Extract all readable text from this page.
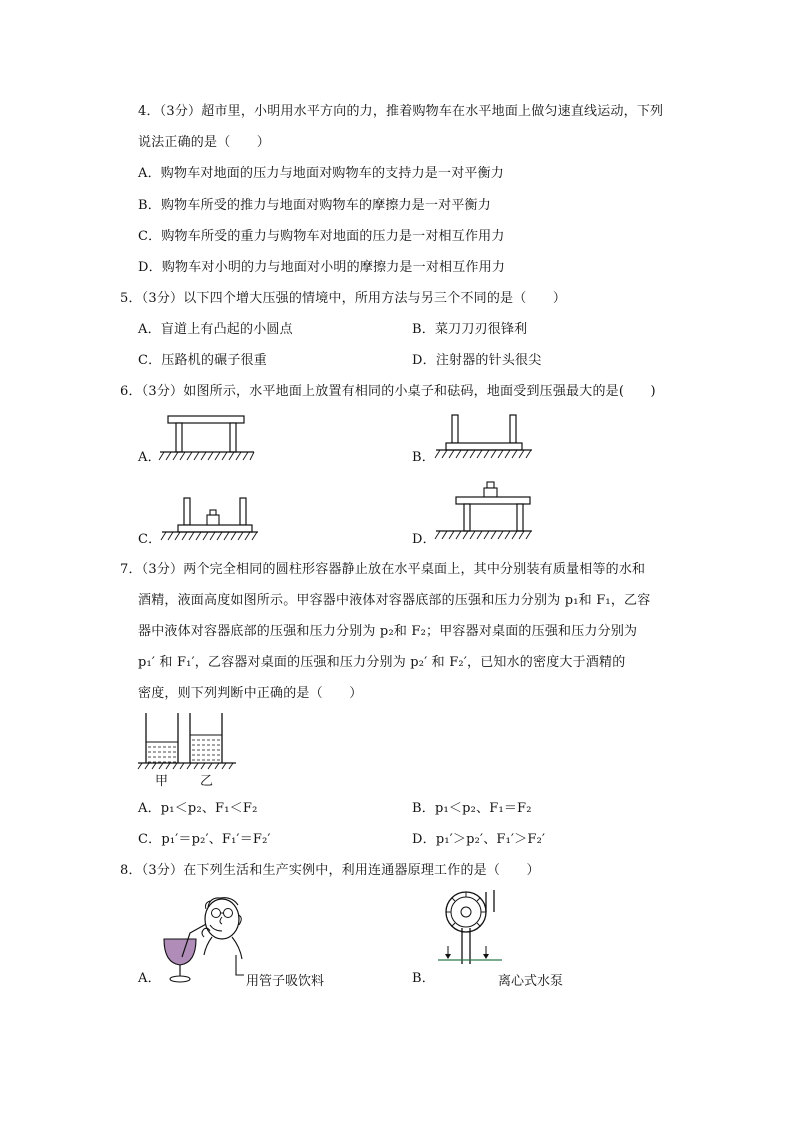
4．（3分）超市里，小明用水平方向的力，推着购物车在水平地面上做匀速直线运动，下列
说法正确的是（　　）
A．购物车对地面的压力与地面对购物车的支持力是一对平衡力
B．购物车所受的推力与地面对购物车的摩擦力是一对平衡力
C．购物车所受的重力与购物车对地面的压力是一对相互作用力
D．购物车对小明的力与地面对小明的摩擦力是一对相互作用力
5．（3分）以下四个增大压强的情境中，所用方法与另三个不同的是（　　）
A．盲道上有凸起的小圆点	B．菜刀刀刃很锋利
C．压路机的碾子很重	D．注射器的针头很尖
6．（3分）如图所示，水平地面上放置有相同的小桌子和砝码，地面受到压强最大的是(　　)
A．	B．
C．	D．
7．（3分）两个完全相同的圆柱形容器静止放在水平桌面上，其中分别装有质量相等的水和
酒精，液面高度如图所示。甲容器中液体对容器底部的压强和压力分别为 p₁和 F₁，乙容
器中液体对容器底部的压强和压力分别为 p₂和 F₂；甲容器对桌面的压强和压力分别为
p₁′ 和 F₁′，乙容器对桌面的压强和压力分别为 p₂′ 和 F₂′，已知水的密度大于酒精的
密度，则下列判断中正确的是（　　）
甲 乙
A．p₁＜p₂、F₁＜F₂	B．p₁＜p₂、F₁＝F₂
C．p₁′＝p₂′、F₁′＝F₂′	D．p₁′＞p₂′、F₁′＞F₂′
8．（3分）在下列生活和生产实例中，利用连通器原理工作的是（　　）
A．	用管子吸饮料	B．	离心式水泵
